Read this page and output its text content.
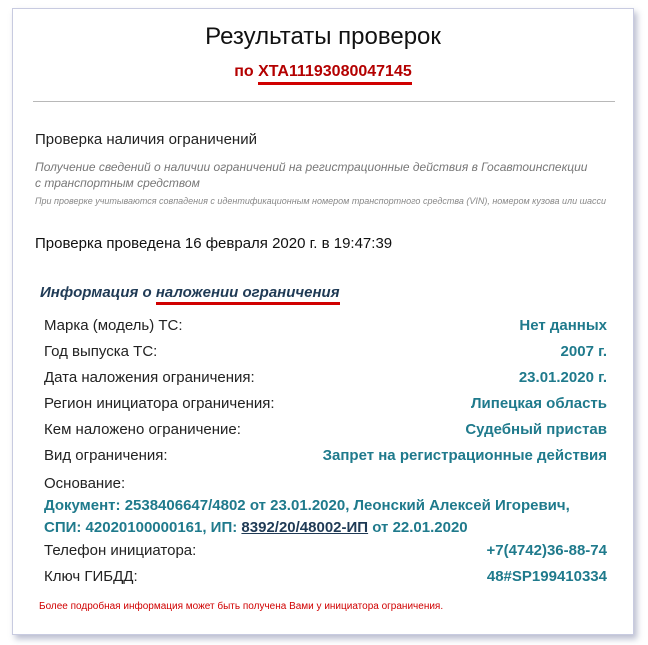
Результаты проверок
по XTA11193080047145
Проверка наличия ограничений
Получение сведений о наличии ограничений на регистрационные действия в Госавтоинспекции с транспортным средством
При проверке учитываются совпадения с идентификационным номером транспортного средства (VIN), номером кузова или шасси
Проверка проведена 16 февраля 2020 г. в 19:47:39
Информация о наложении ограничения
Марка (модель) ТС:	Нет данных
Год выпуска ТС:	2007 г.
Дата наложения ограничения:	23.01.2020 г.
Регион инициатора ограничения:	Липецкая область
Кем наложено ограничение:	Судебный пристав
Вид ограничения:	Запрет на регистрационные действия
Основание:
Документ: 2538406647/4802 от 23.01.2020, Леонский Алексей Игоревич,
СПИ: 42020100000161, ИП: 8392/20/48002-ИП от 22.01.2020
Телефон инициатора:	+7(4742)36-88-74
Ключ ГИБДД:	48#SP199410334
Более подробная информация может быть получена Вами у инициатора ограничения.
